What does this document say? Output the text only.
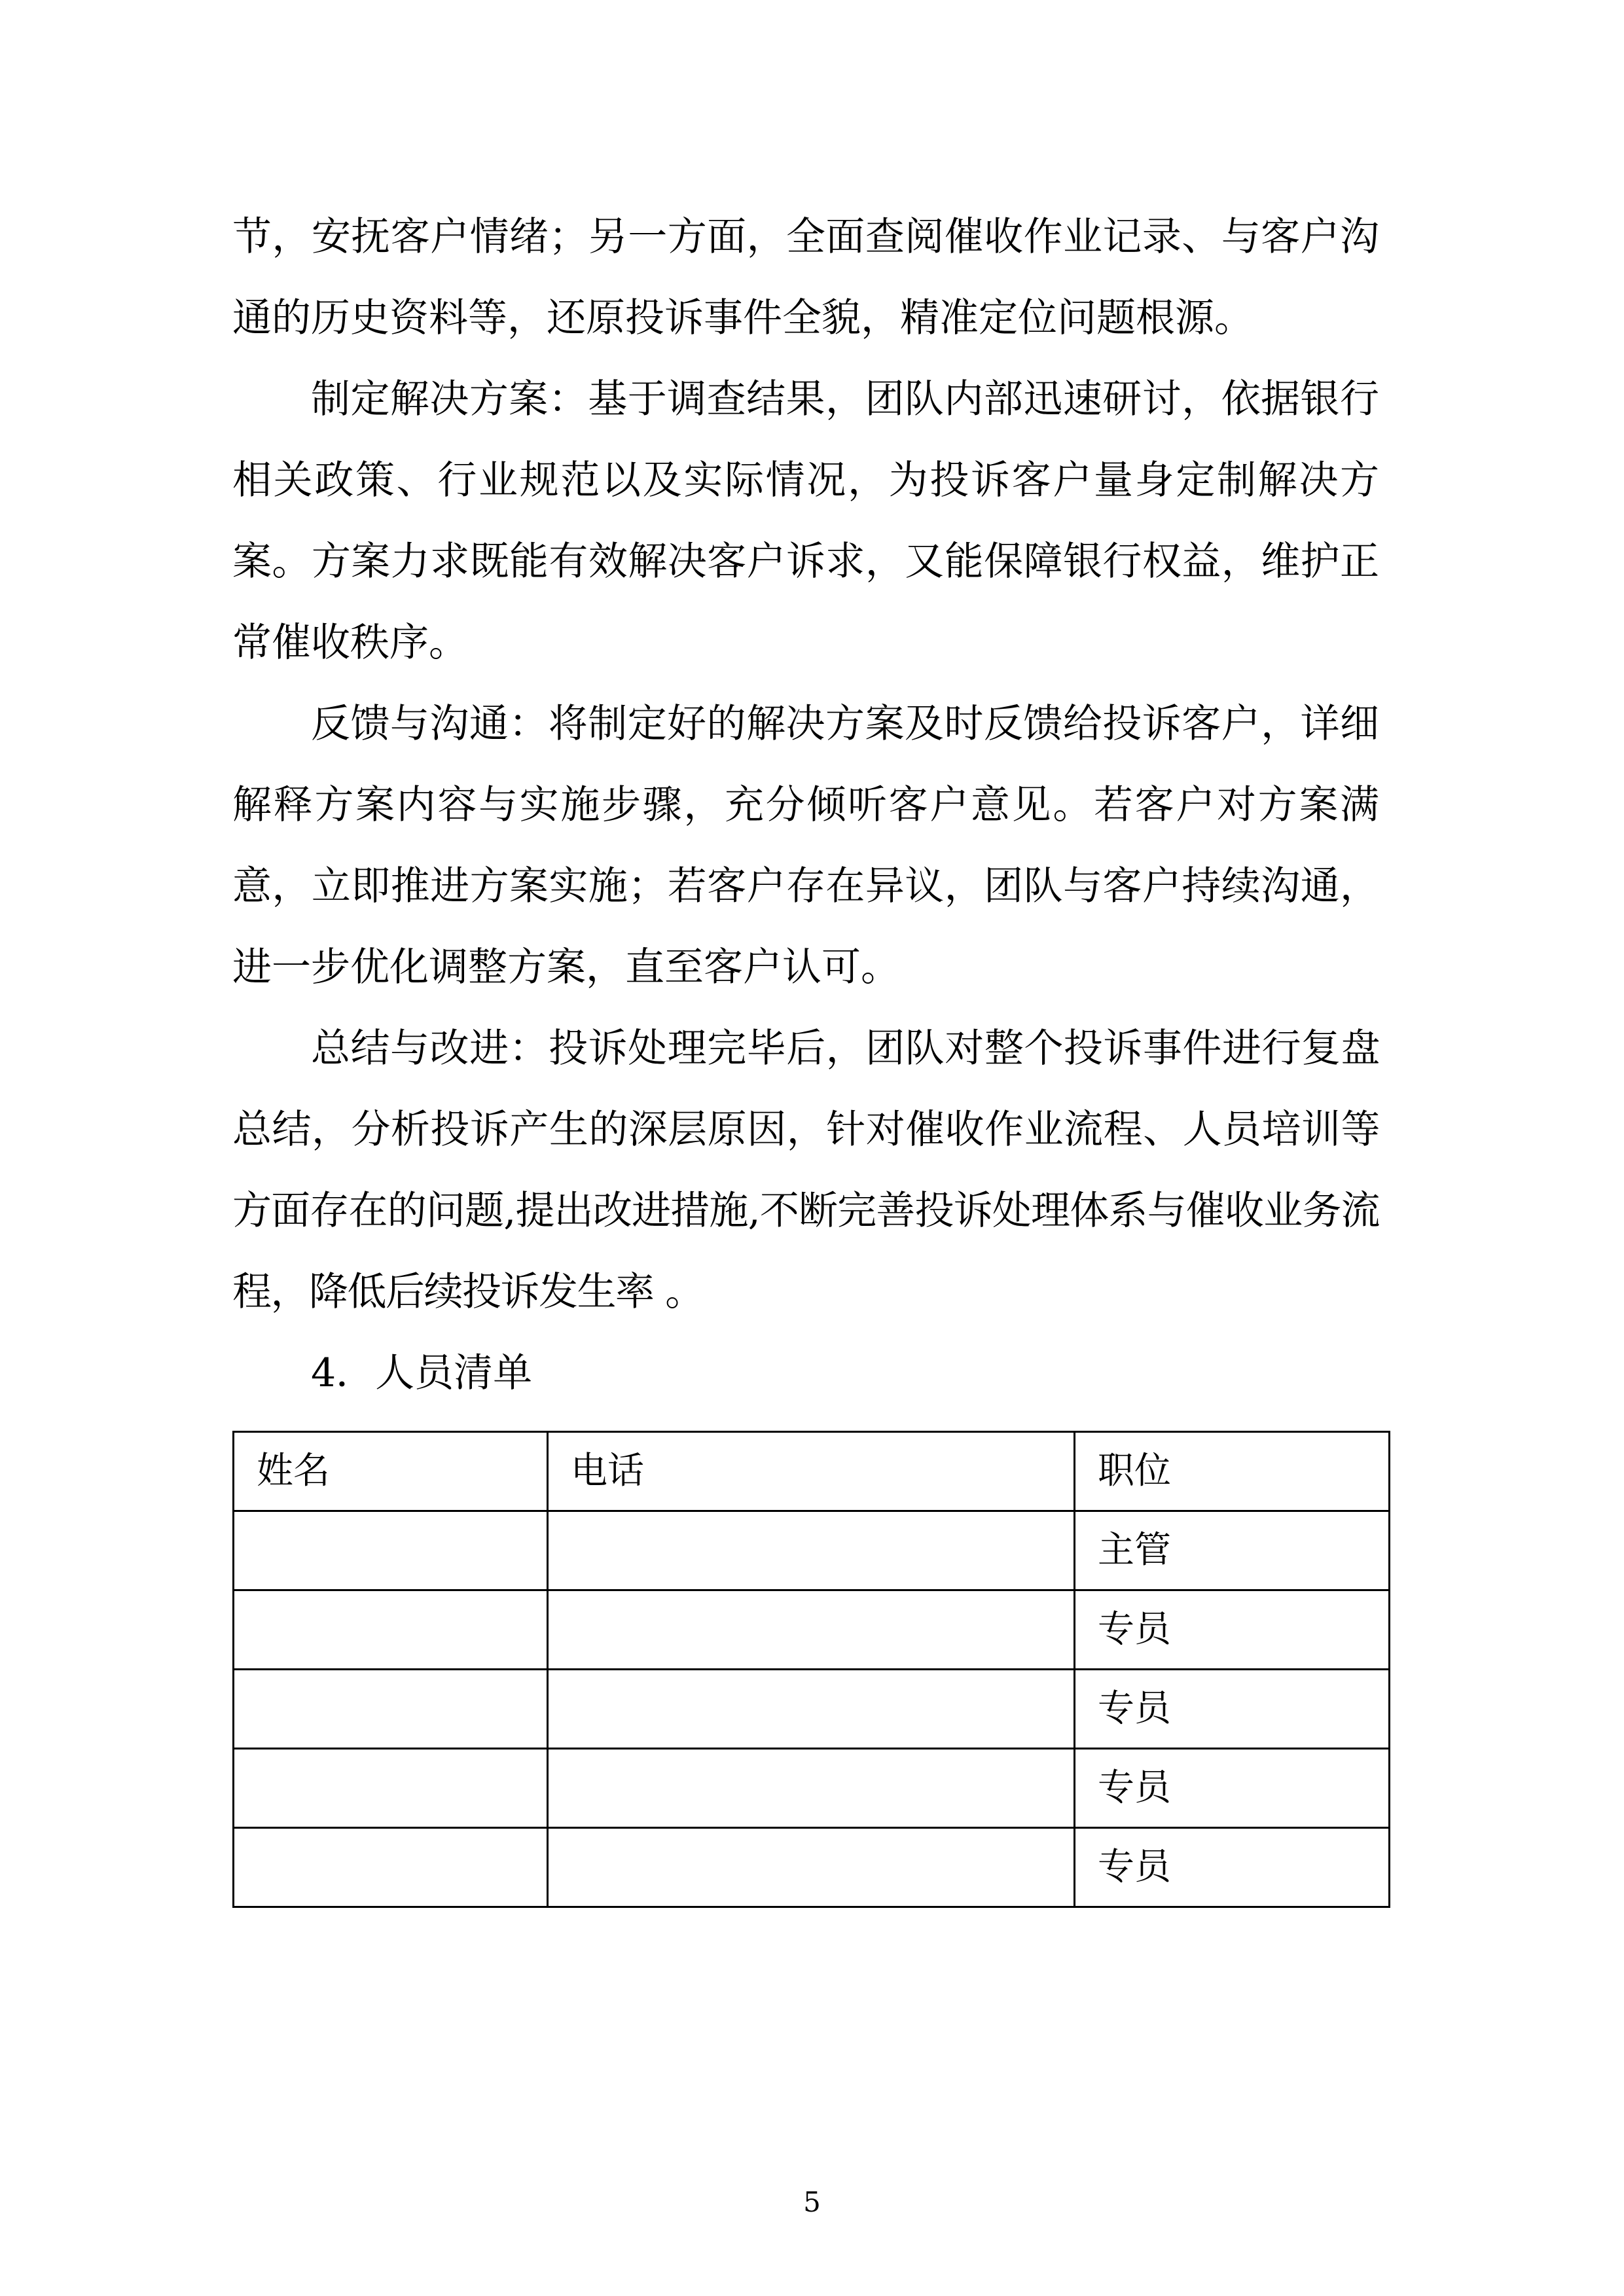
节，安抚客户情绪；另一方面，全面查阅催收作业记录、与客户沟通的历史资料等，还原投诉事件全貌，精准定位问题根源。

制定解决方案：基于调查结果，团队内部迅速研讨，依据银行相关政策、行业规范以及实际情况，为投诉客户量身定制解决方案。方案力求既能有效解决客户诉求，又能保障银行权益，维护正常催收秩序。

反馈与沟通：将制定好的解决方案及时反馈给投诉客户，详细解释方案内容与实施步骤，充分倾听客户意见。若客户对方案满意，立即推进方案实施；若客户存在异议，团队与客户持续沟通，进一步优化调整方案，直至客户认可。

总结与改进：投诉处理完毕后，团队对整个投诉事件进行复盘总结，分析投诉产生的深层原因，针对催收作业流程、人员培训等方面存在的问题,提出改进措施,不断完善投诉处理体系与催收业务流程，降低后续投诉发生率 。

4．人员清单

姓名	电话	职位
		主管
		专员
		专员
		专员
		专员
5
